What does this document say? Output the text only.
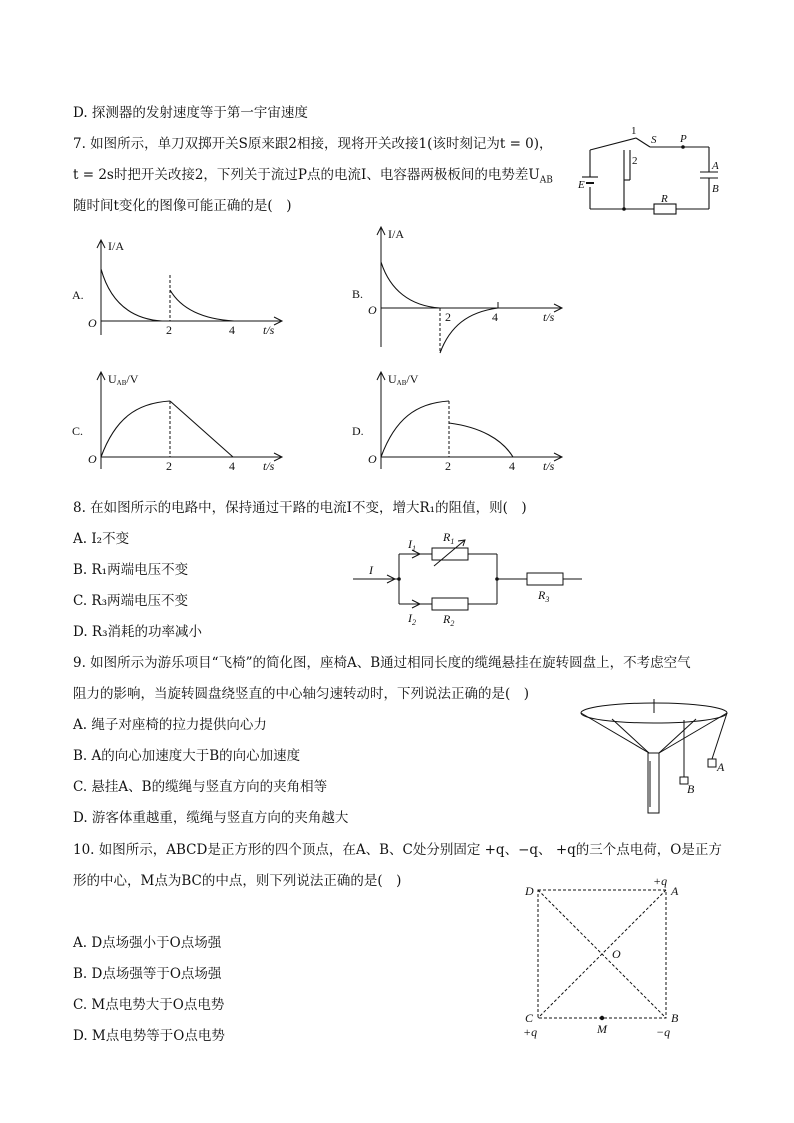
D. 探测器的发射速度等于第一宇宙速度
7. 如图所示，单刀双掷开关S原来跟2相接，现将开关改接1(该时刻记为t = 0)，
t = 2s时把开关改接2，下列关于流过P点的电流I、电容器两极板间的电势差$U_{AB}$
随时间t变化的图像可能正确的是(　)
1
2
S P
A
B
E
R
A.
I/A
O	2	4 t/s
B.
I/A
O	2	4	t/s
C.
UAB/V
O	2	4 t/s
D.
UAB/V
O	2	4 t/s
8. 在如图所示的电路中，保持通过干路的电流I不变，增大R₁的阻值，则(　)
A. I₂不变
B. R₁两端电压不变
C. R₃两端电压不变
D. R₃消耗的功率减小
I
$I_1$
$I_2$
$R_1$
$R_2$
$R_3$
9. 如图所示为游乐项目“飞椅”的简化图，座椅A、B通过相同长度的缆绳悬挂在旋转圆盘上，不考虑空气
阻力的影响，当旋转圆盘绕竖直的中心轴匀速转动时，下列说法正确的是(　)
A. 绳子对座椅的拉力提供向心力
B. A的向心加速度大于B的向心加速度
C. 悬挂A、B的缆绳与竖直方向的夹角相等
D. 游客体重越重，缆绳与竖直方向的夹角越大
A
B
10. 如图所示，ABCD是正方形的四个顶点，在A、B、C处分别固定 +q、−q、 +q的三个点电荷，O是正方
形的中心，M点为BC的中点，则下列说法正确的是(　)
A. D点场强小于O点场强
B. D点场强等于O点场强
C. M点电势大于O点电势
D. M点电势等于O点电势
D	A
B
C
O
M
+q
−q
+q
